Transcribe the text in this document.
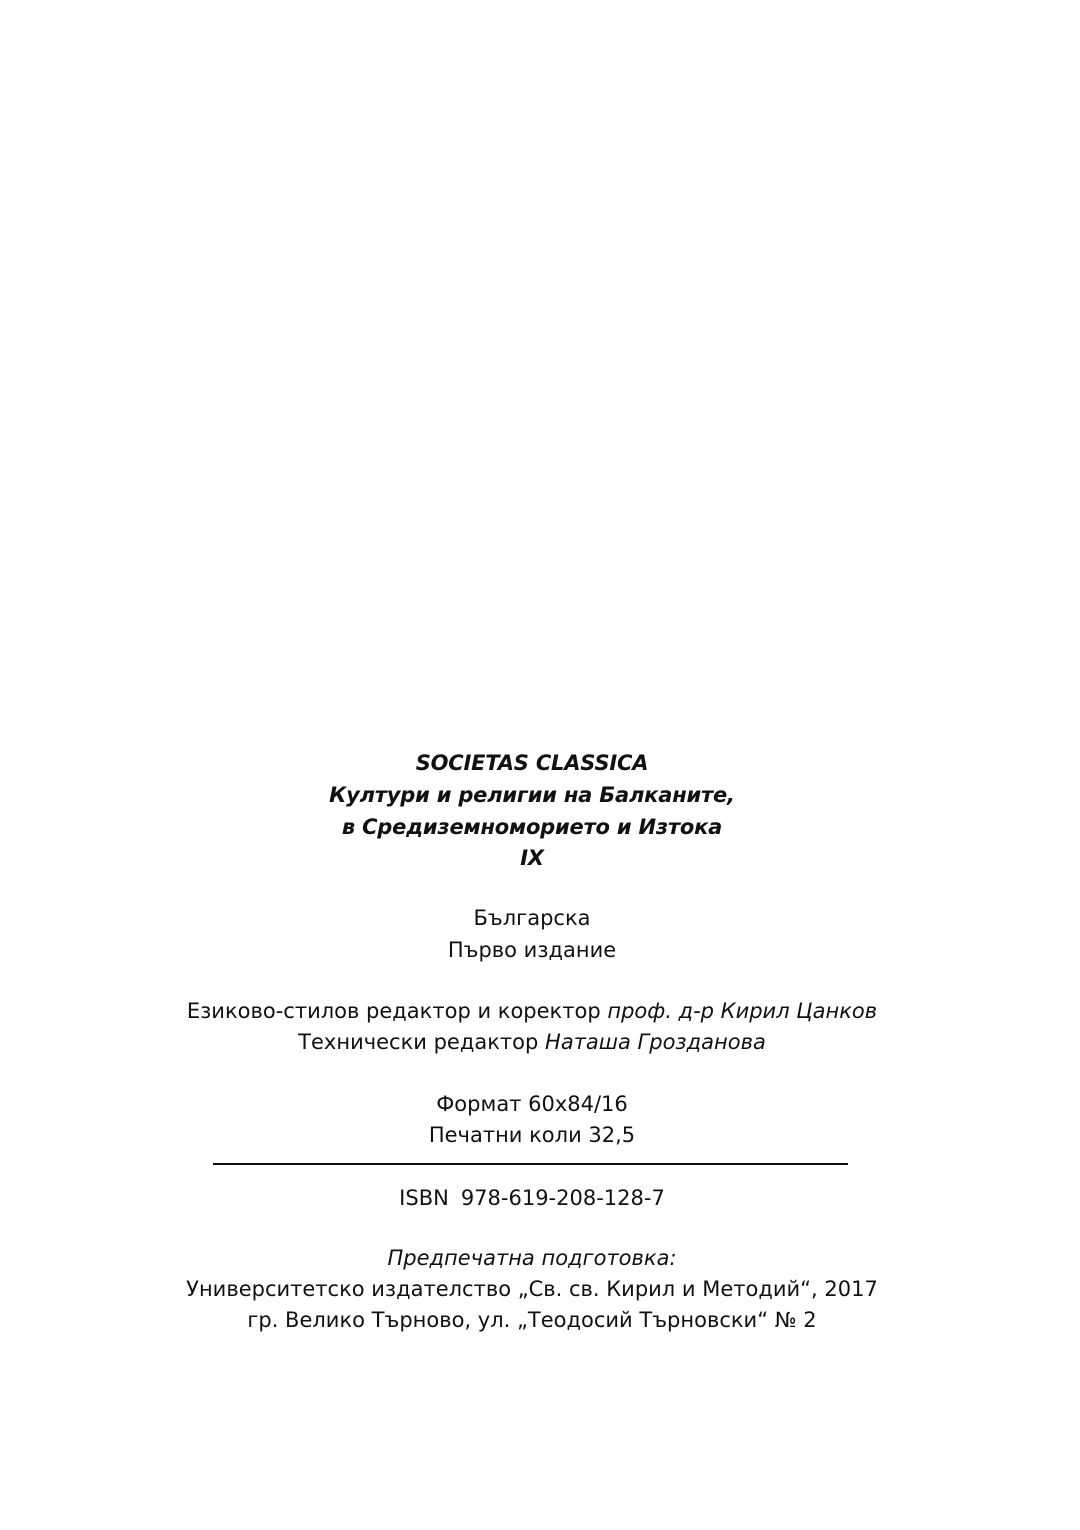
SOCIETAS CLASSICA
Култури и религии на Балканите,
в Средиземноморието и Изтока
IX
Българска
Първо издание
Езиково-стилов редактор и коректор проф. д-р Кирил Цанков
Технически редактор Наташа Грозданова
Формат 60x84/16
Печатни коли 32,5
ISBN 978-619-208-128-7
Предпечатна подготовка:
Университетско издателство „Св. св. Кирил и Методий“, 2017
гр. Велико Търново, ул. „Теодосий Търновски“ № 2
